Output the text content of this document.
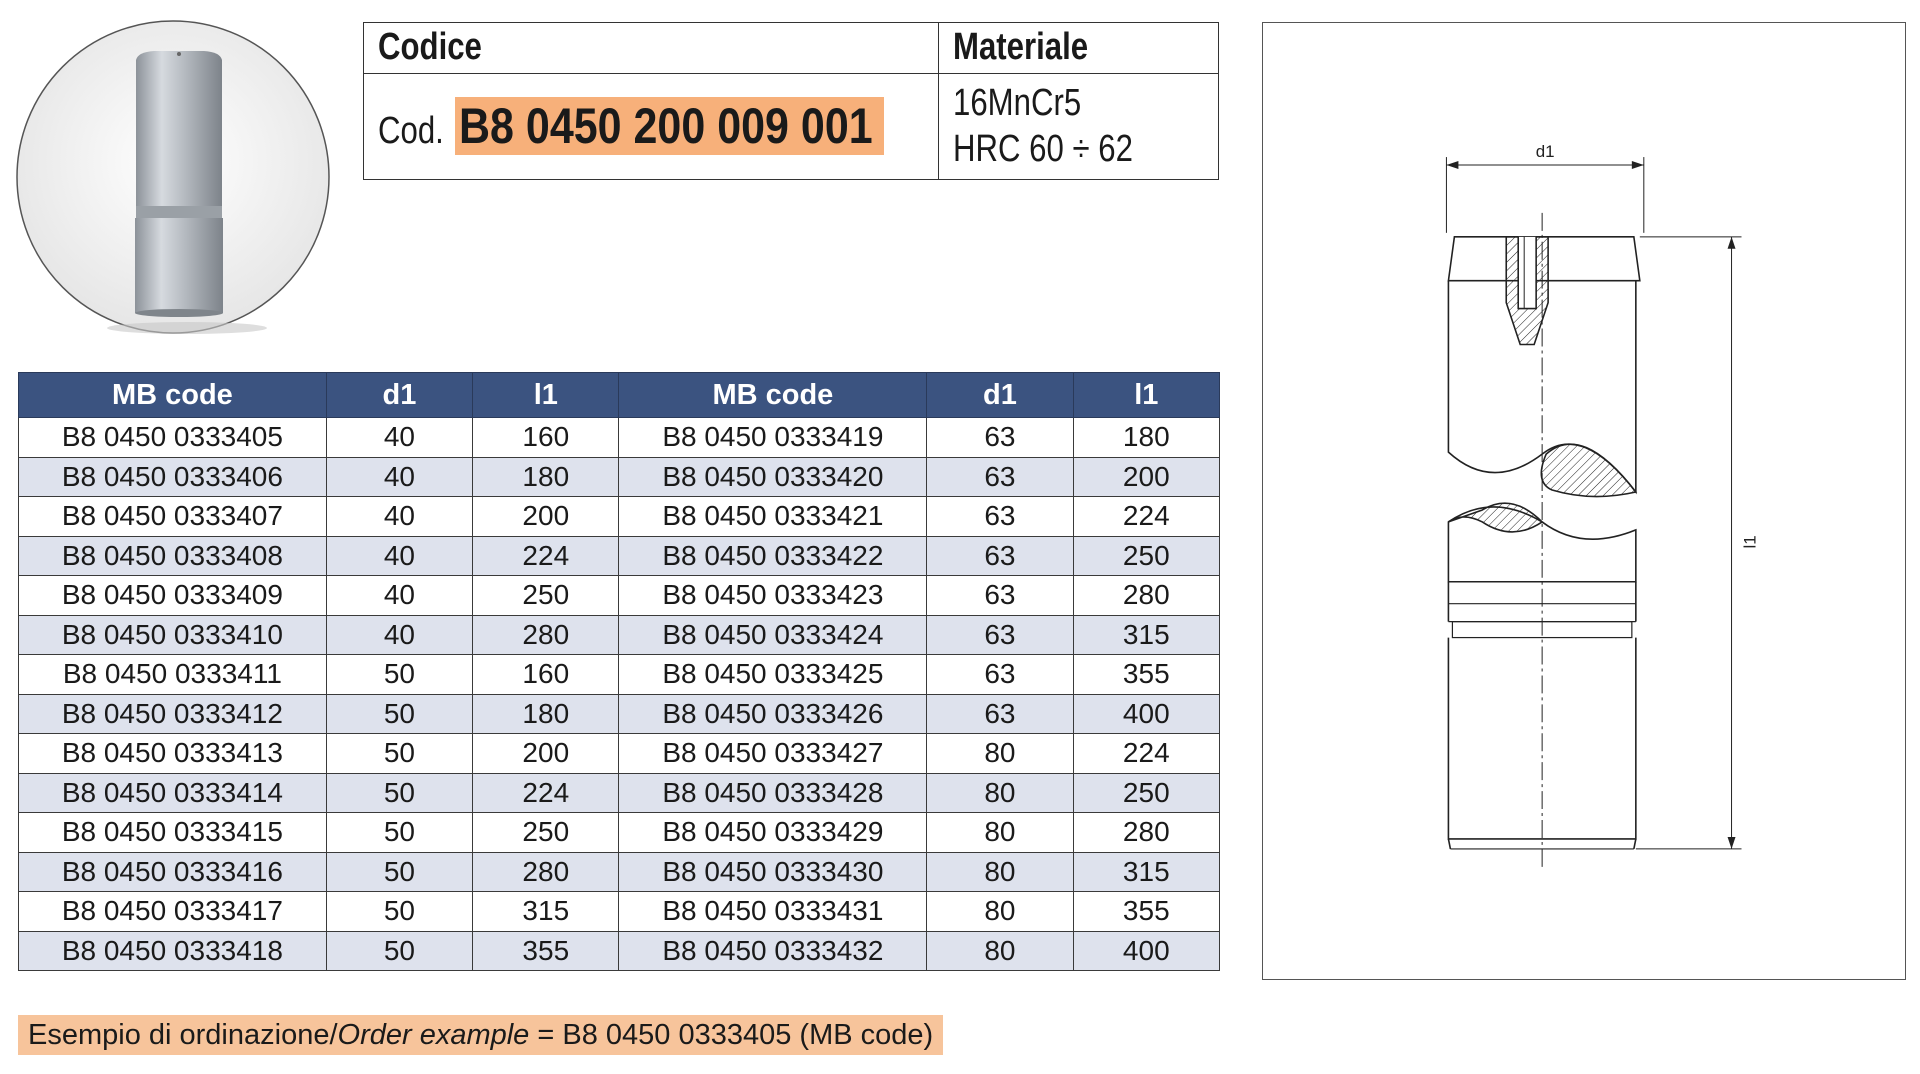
Codice	Materiale
Cod. B8 0450 200 009 001	16MnCr5
HRC 60 ÷ 62
MB code	d1	l1	MB code	d1	l1
B8 0450 0333405	40	160	B8 0450 0333419	63	180
B8 0450 0333406	40	180	B8 0450 0333420	63	200
B8 0450 0333407	40	200	B8 0450 0333421	63	224
B8 0450 0333408	40	224	B8 0450 0333422	63	250
B8 0450 0333409	40	250	B8 0450 0333423	63	280
B8 0450 0333410	40	280	B8 0450 0333424	63	315
B8 0450 0333411	50	160	B8 0450 0333425	63	355
B8 0450 0333412	50	180	B8 0450 0333426	63	400
B8 0450 0333413	50	200	B8 0450 0333427	80	224
B8 0450 0333414	50	224	B8 0450 0333428	80	250
B8 0450 0333415	50	250	B8 0450 0333429	80	280
B8 0450 0333416	50	280	B8 0450 0333430	80	315
B8 0450 0333417	50	315	B8 0450 0333431	80	355
B8 0450 0333418	50	355	B8 0450 0333432	80	400
Esempio di ordinazione/Order example = B8 0450 0333405 (MB code)
d1
l1
